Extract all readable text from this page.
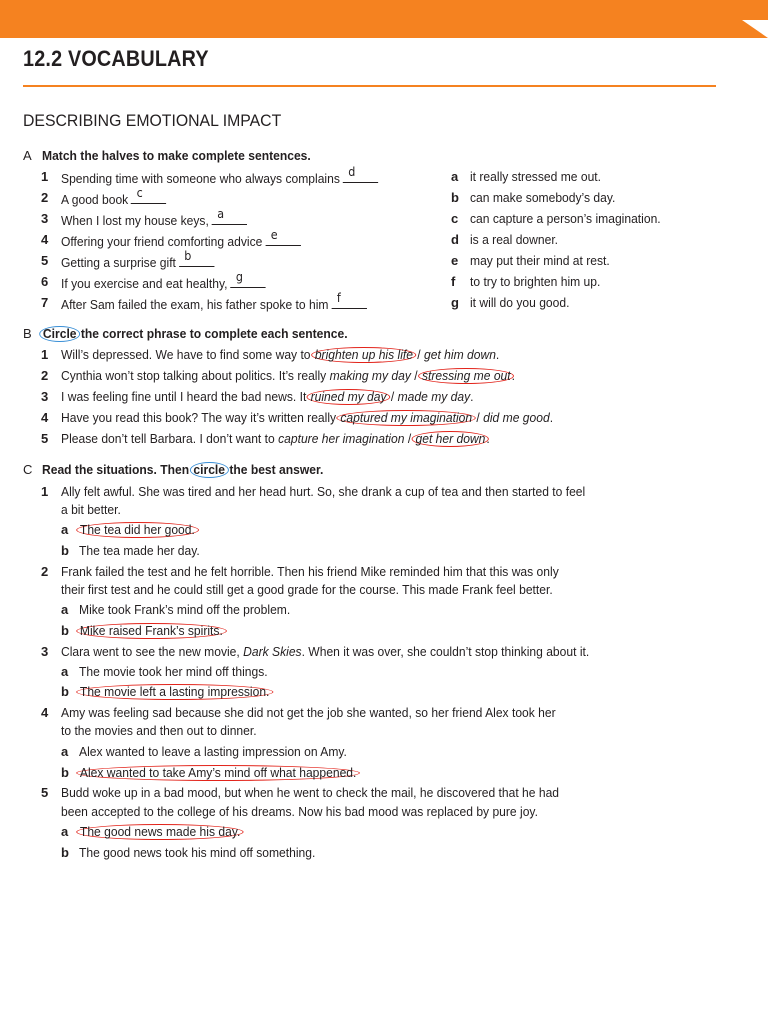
12.2 VOCABULARY
DESCRIBING EMOTIONAL IMPACT
A Match the halves to make complete sentences.
1 Spending time with someone who always complains d
2 A good book c
3 When I lost my house keys, a
4 Offering your friend comforting advice e
5 Getting a surprise gift b
6 If you exercise and eat healthy, g
7 After Sam failed the exam, his father spoke to him f
a it really stressed me out.
b can make somebody’s day.
c can capture a person’s imagination.
d is a real downer.
e may put their mind at rest.
f to try to brighten him up.
g it will do you good.
B Circle the correct phrase to complete each sentence.
1 Will’s depressed. We have to find some way to brighten up his life / get him down.
2 Cynthia won’t stop talking about politics. It’s really making my day / stressing me out.
3 I was feeling fine until I heard the bad news. It ruined my day / made my day.
4 Have you read this book? The way it’s written really captured my imagination / did me good.
5 Please don’t tell Barbara. I don’t want to capture her imagination / get her down.
C Read the situations. Then circle the best answer.
1 Ally felt awful. She was tired and her head hurt. So, she drank a cup of tea and then started to feel
a bit better.
a The tea did her good.
b The tea made her day.
2 Frank failed the test and he felt horrible. Then his friend Mike reminded him that this was only
their first test and he could still get a good grade for the course. This made Frank feel better.
a Mike took Frank’s mind off the problem.
b Mike raised Frank’s spirits.
3 Clara went to see the new movie, Dark Skies. When it was over, she couldn’t stop thinking about it.
a The movie took her mind off things.
b The movie left a lasting impression.
4 Amy was feeling sad because she did not get the job she wanted, so her friend Alex took her
to the movies and then out to dinner.
a Alex wanted to leave a lasting impression on Amy.
b Alex wanted to take Amy’s mind off what happened.
5 Budd woke up in a bad mood, but when he went to check the mail, he discovered that he had
been accepted to the college of his dreams. Now his bad mood was replaced by pure joy.
a The good news made his day.
b The good news took his mind off something.
